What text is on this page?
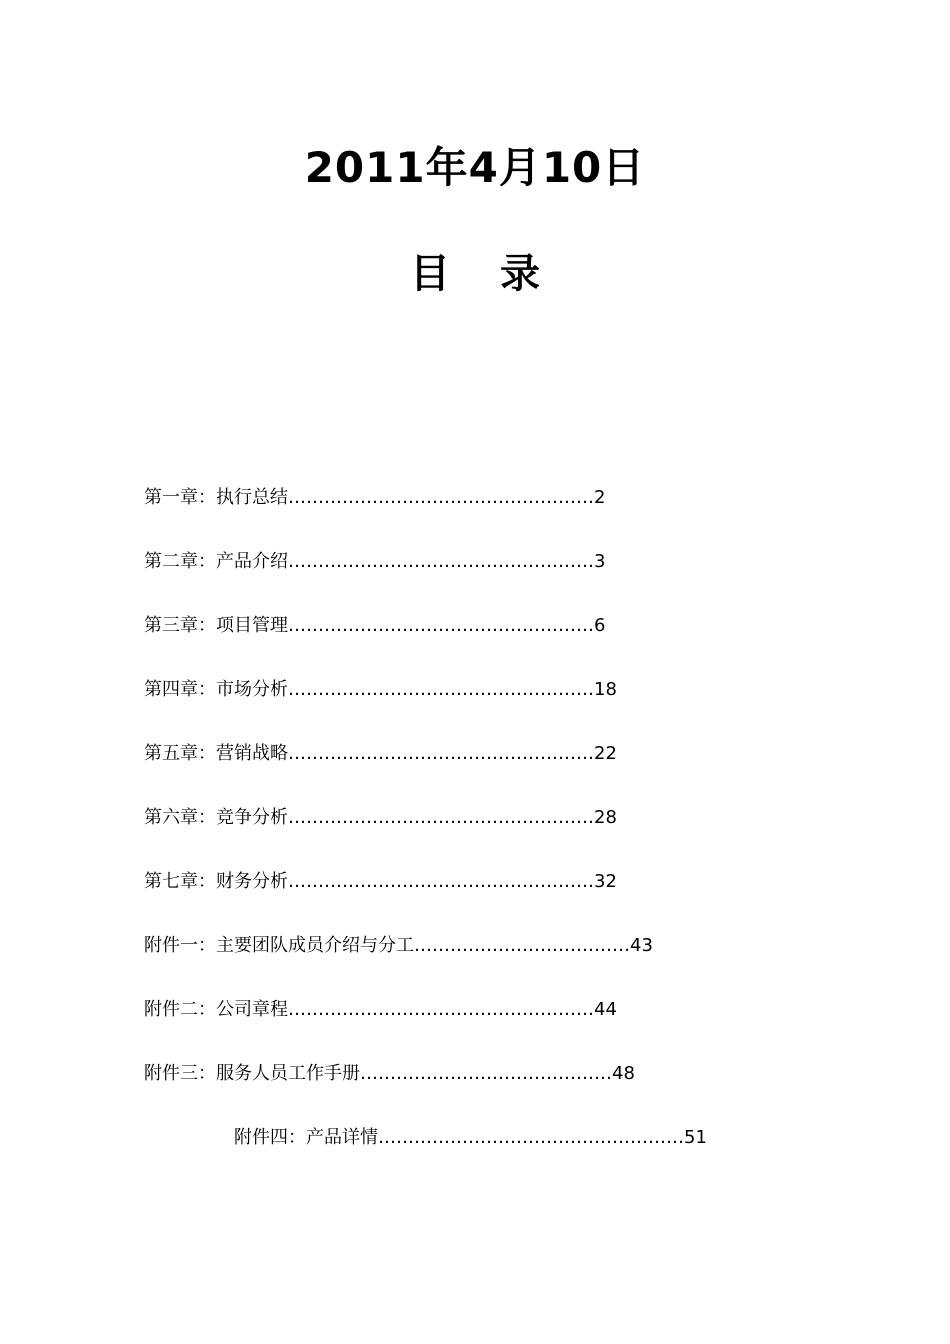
2011年4月10日
目 录
第一章：执行总结……………………………………………2
第二章：产品介绍……………………………………………3
第三章：项目管理……………………………………………6
第四章：市场分析……………………………………………18
第五章：营销战略……………………………………………22
第六章：竞争分析……………………………………………28
第七章：财务分析……………………………………………32
附件一：主要团队成员介绍与分工………………………………43
附件二：公司章程……………………………………………44
附件三：服务人员工作手册……………………………………48
附件四：产品详情……………………………………………51
